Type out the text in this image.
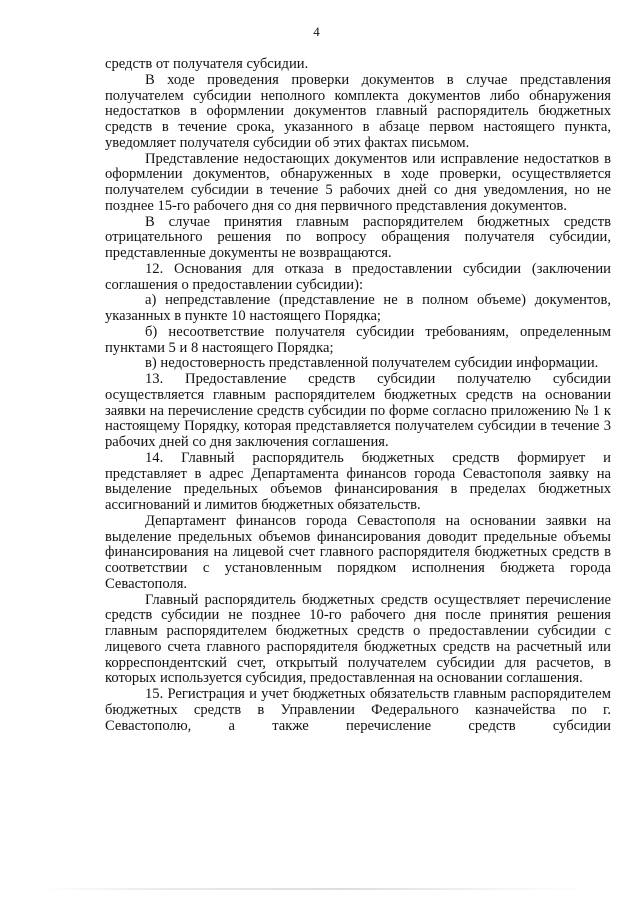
4

средств от получателя субсидии.

В ходе проведения проверки документов в случае представления получателем субсидии неполного комплекта документов либо обнаружения недостатков в оформлении документов главный распорядитель бюджетных средств в течение срока, указанного в абзаце первом настоящего пункта, уведомляет получателя субсидии об этих фактах письмом.

Представление недостающих документов или исправление недостатков в оформлении документов, обнаруженных в ходе проверки, осуществляется получателем субсидии в течение 5 рабочих дней со дня уведомления, но не позднее 15-го рабочего дня со дня первичного представления документов.

В случае принятия главным распорядителем бюджетных средств отрицательного решения по вопросу обращения получателя субсидии, представленные документы не возвращаются.

12. Основания для отказа в предоставлении субсидии (заключении соглашения о предоставлении субсидии):

а) непредставление (представление не в полном объеме) документов, указанных в пункте 10 настоящего Порядка;

б) несоответствие получателя субсидии требованиям, определенным пунктами 5 и 8 настоящего Порядка;

в) недостоверность представленной получателем субсидии информации.

13. Предоставление средств субсидии получателю субсидии осуществляется главным распорядителем бюджетных средств на основании заявки на перечисление средств субсидии по форме согласно приложению № 1 к настоящему Порядку, которая представляется получателем субсидии в течение 3 рабочих дней со дня заключения соглашения.

14. Главный распорядитель бюджетных средств формирует и представляет в адрес Департамента финансов города Севастополя заявку на выделение предельных объемов финансирования в пределах бюджетных ассигнований и лимитов бюджетных обязательств.

Департамент финансов города Севастополя на основании заявки на выделение предельных объемов финансирования доводит предельные объемы финансирования на лицевой счет главного распорядителя бюджетных средств в соответствии с установленным порядком исполнения бюджета города Севастополя.

Главный распорядитель бюджетных средств осуществляет перечисление средств субсидии не позднее 10-го рабочего дня после принятия решения главным распорядителем бюджетных средств о предоставлении субсидии с лицевого счета главного распорядителя бюджетных средств на расчетный или корреспондентский счет, открытый получателем субсидии для расчетов, в которых используется субсидия, предоставленная на основании соглашения.

15. Регистрация и учет бюджетных обязательств главным распорядителем бюджетных средств в Управлении Федерального казначейства по г. Севастополю, а также перечисление средств субсидии
